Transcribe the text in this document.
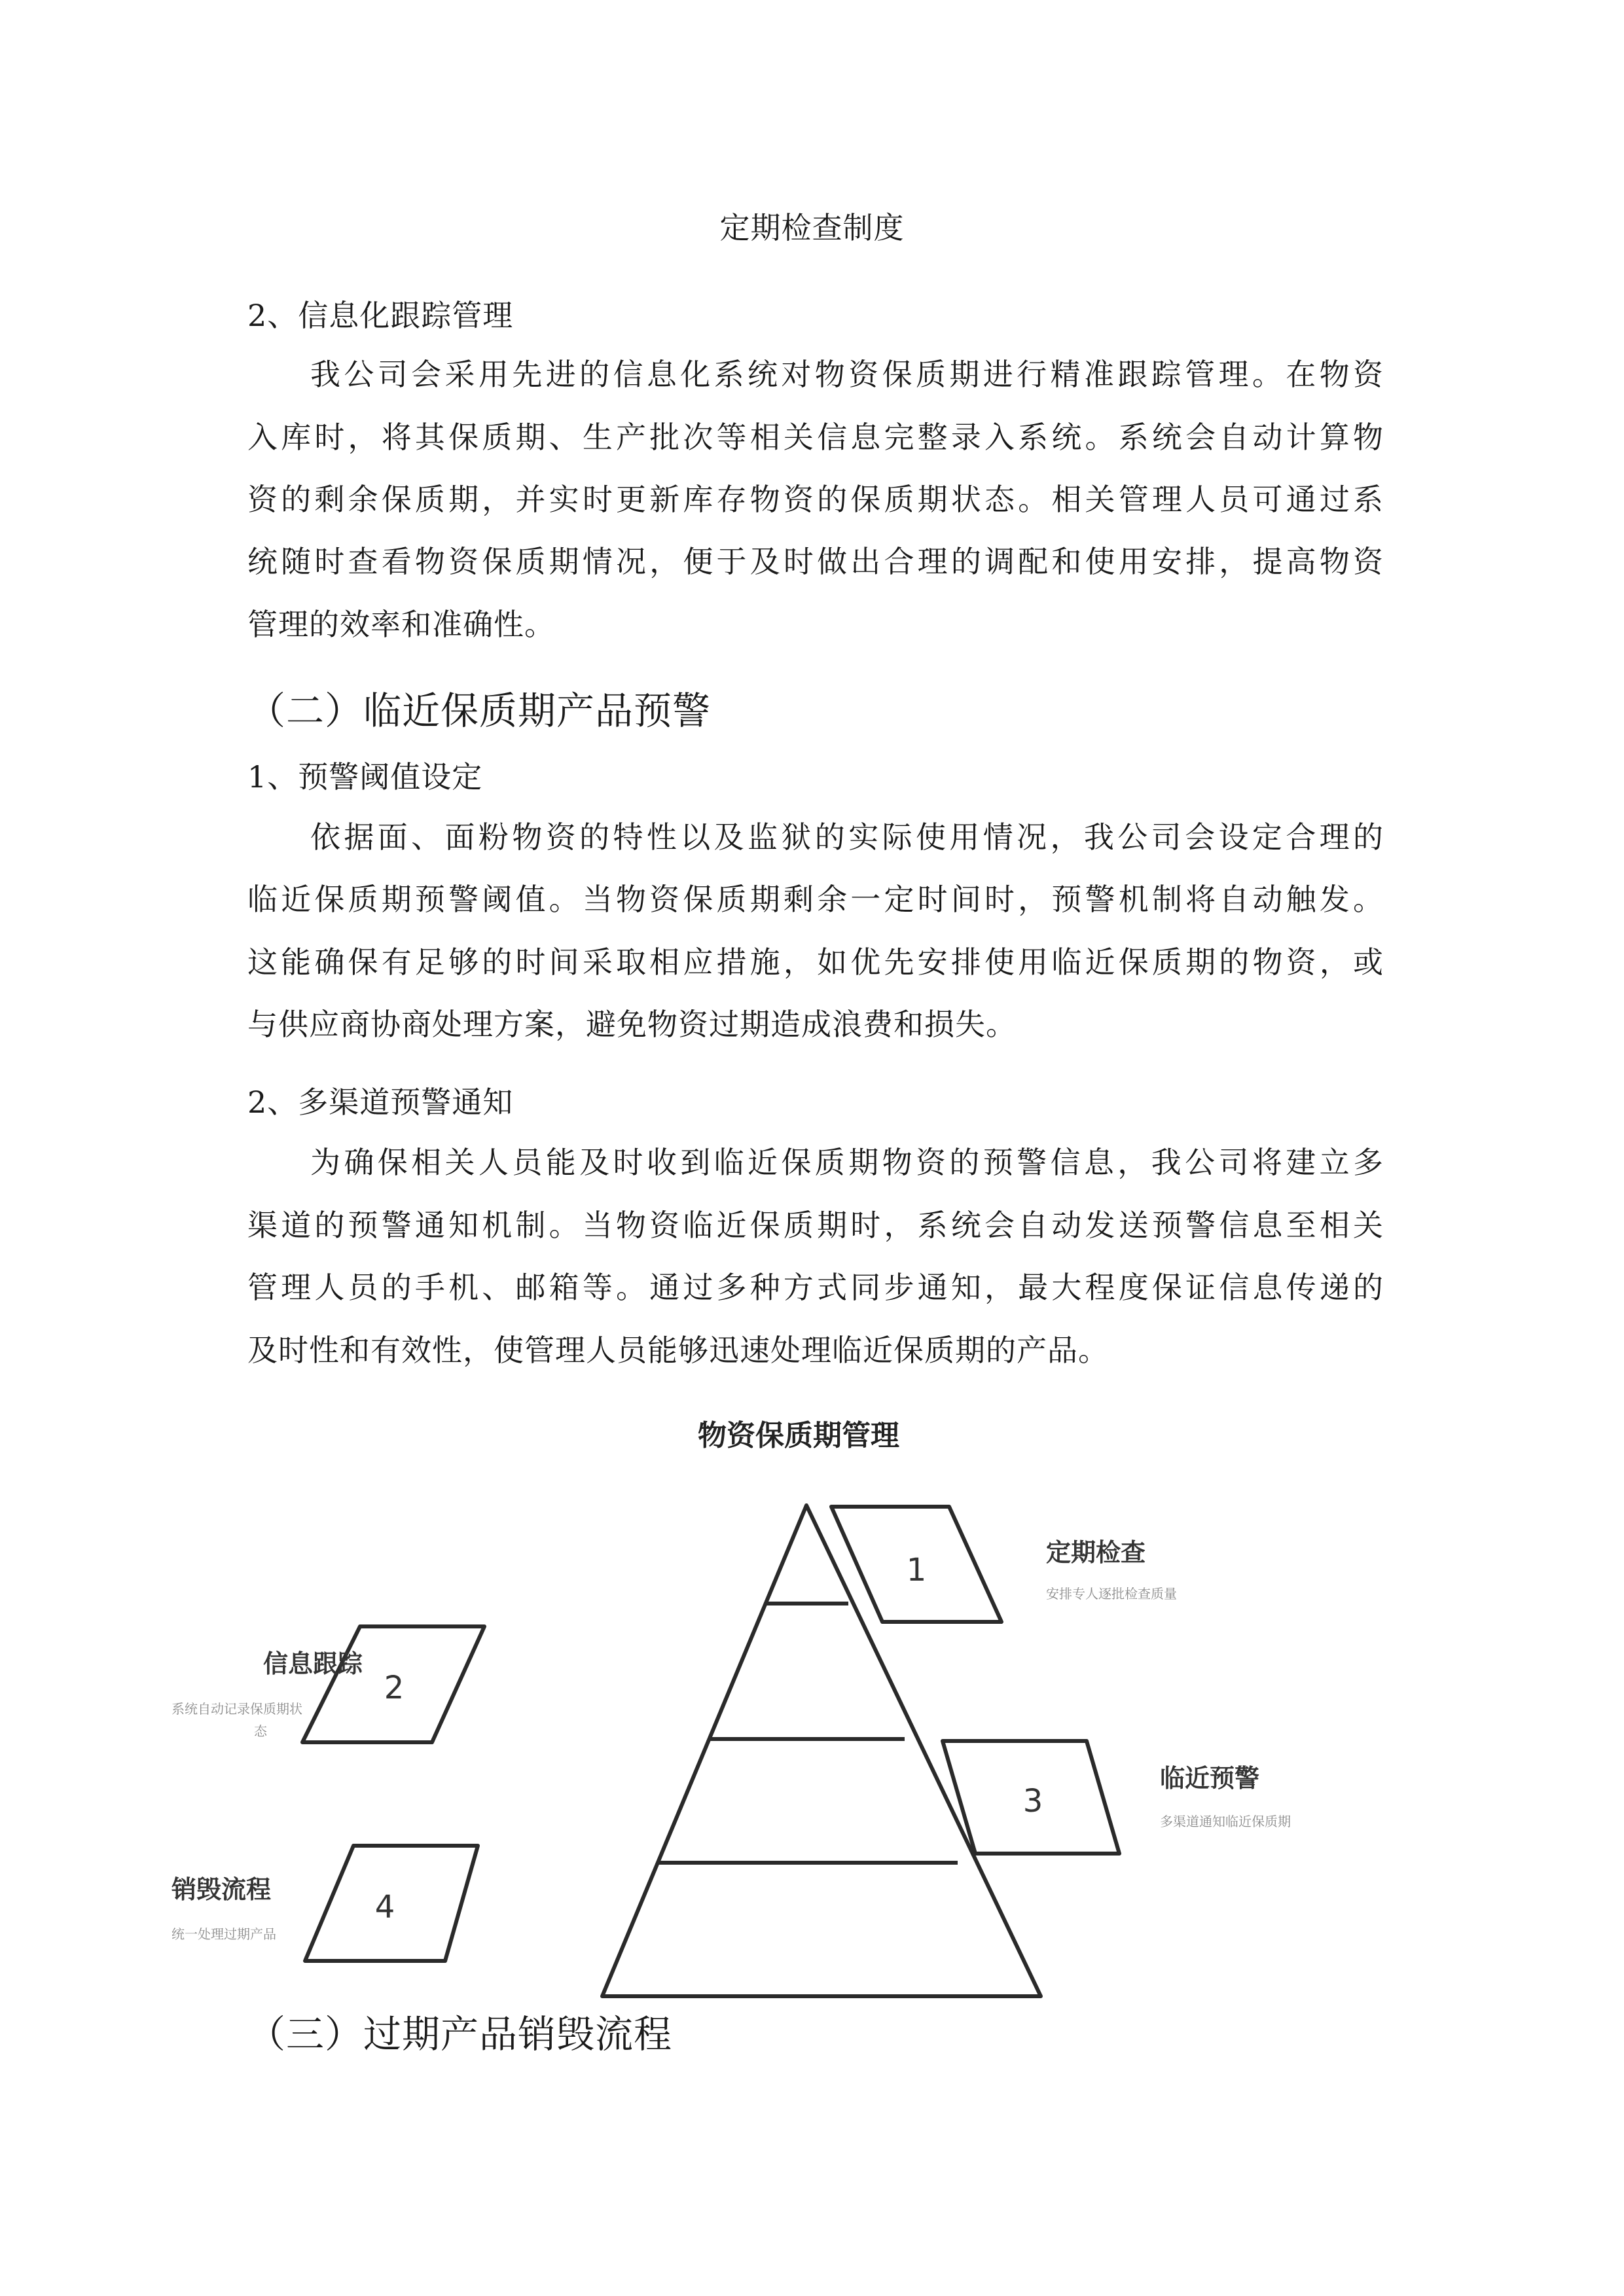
定期检查制度
2、信息化跟踪管理
我公司会采用先进的信息化系统对物资保质期进行精准跟踪管理。在物资
入库时，将其保质期、生产批次等相关信息完整录入系统。系统会自动计算物
资的剩余保质期，并实时更新库存物资的保质期状态。相关管理人员可通过系
统随时查看物资保质期情况，便于及时做出合理的调配和使用安排，提高物资
管理的效率和准确性。
（二）临近保质期产品预警
1、预警阈值设定
依据面、面粉物资的特性以及监狱的实际使用情况，我公司会设定合理的
临近保质期预警阈值。当物资保质期剩余一定时间时，预警机制将自动触发。
这能确保有足够的时间采取相应措施，如优先安排使用临近保质期的物资，或
与供应商协商处理方案，避免物资过期造成浪费和损失。
2、多渠道预警通知
为确保相关人员能及时收到临近保质期物资的预警信息，我公司将建立多
渠道的预警通知机制。当物资临近保质期时，系统会自动发送预警信息至相关
管理人员的手机、邮箱等。通过多种方式同步通知，最大程度保证信息传递的
及时性和有效性，使管理人员能够迅速处理临近保质期的产品。
物资保质期管理
1
2
3
4
定期检查
安排专人逐批检查质量
信息跟踪
系统自动记录保质期状
态
临近预警
多渠道通知临近保质期
销毁流程
统一处理过期产品
（三）过期产品销毁流程
